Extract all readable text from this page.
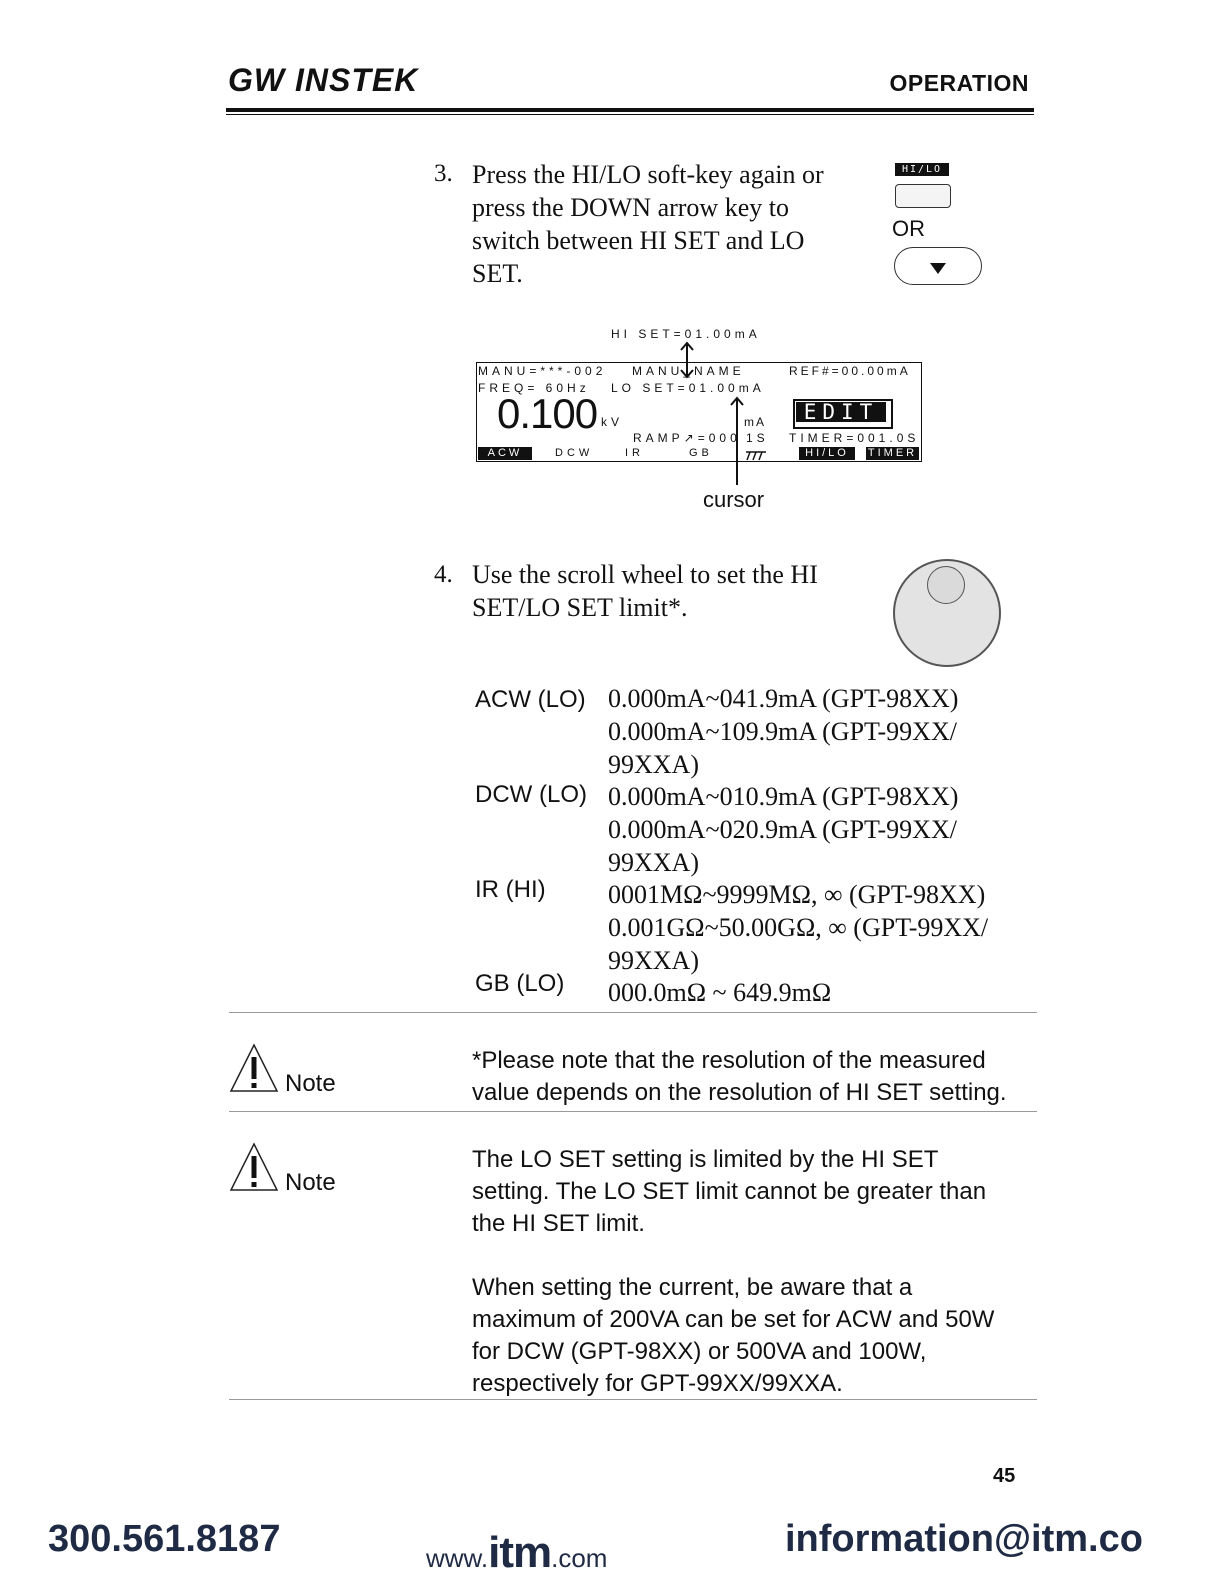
GW INSTEK	OPERATION
3. Press the HI/LO soft-key again or
press the DOWN arrow key to
switch between HI SET and LO
SET.
HI/LO
OR
HI SET=01.00mA
MANU=***-002 MANU_NAME	REF#=00.00mA
FREQ= 60Hz LO SET=01.00mA
0.100 kV	mA	EDIT
RAMP↗=000 1S TIMER=001.0S
ACW	DCW	IR	GB	HI/LO	TIMER
cursor
4. Use the scroll wheel to set the HI
SET/LO SET limit*.
ACW (LO) 0.000mA~041.9mA (GPT-98XX)
0.000mA~109.9mA (GPT-99XX/
99XXA)
DCW (LO) 0.000mA~010.9mA (GPT-98XX)
0.000mA~020.9mA (GPT-99XX/
99XXA)
IR (HI) 0001MΩ~9999MΩ, ∞ (GPT-98XX)
0.001GΩ~50.00GΩ, ∞ (GPT-99XX/
99XXA)
GB (LO) 000.0mΩ ~ 649.9mΩ
Note
*Please note that the resolution of the measured
value depends on the resolution of HI SET setting.
Note
The LO SET setting is limited by the HI SET
setting. The LO SET limit cannot be greater than
the HI SET limit.
When setting the current, be aware that a
maximum of 200VA can be set for ACW and 50W
for DCW (GPT-98XX) or 500VA and 100W,
respectively for GPT-99XX/99XXA.
45
300.561.8187	www.itm.com	information@itm.co
